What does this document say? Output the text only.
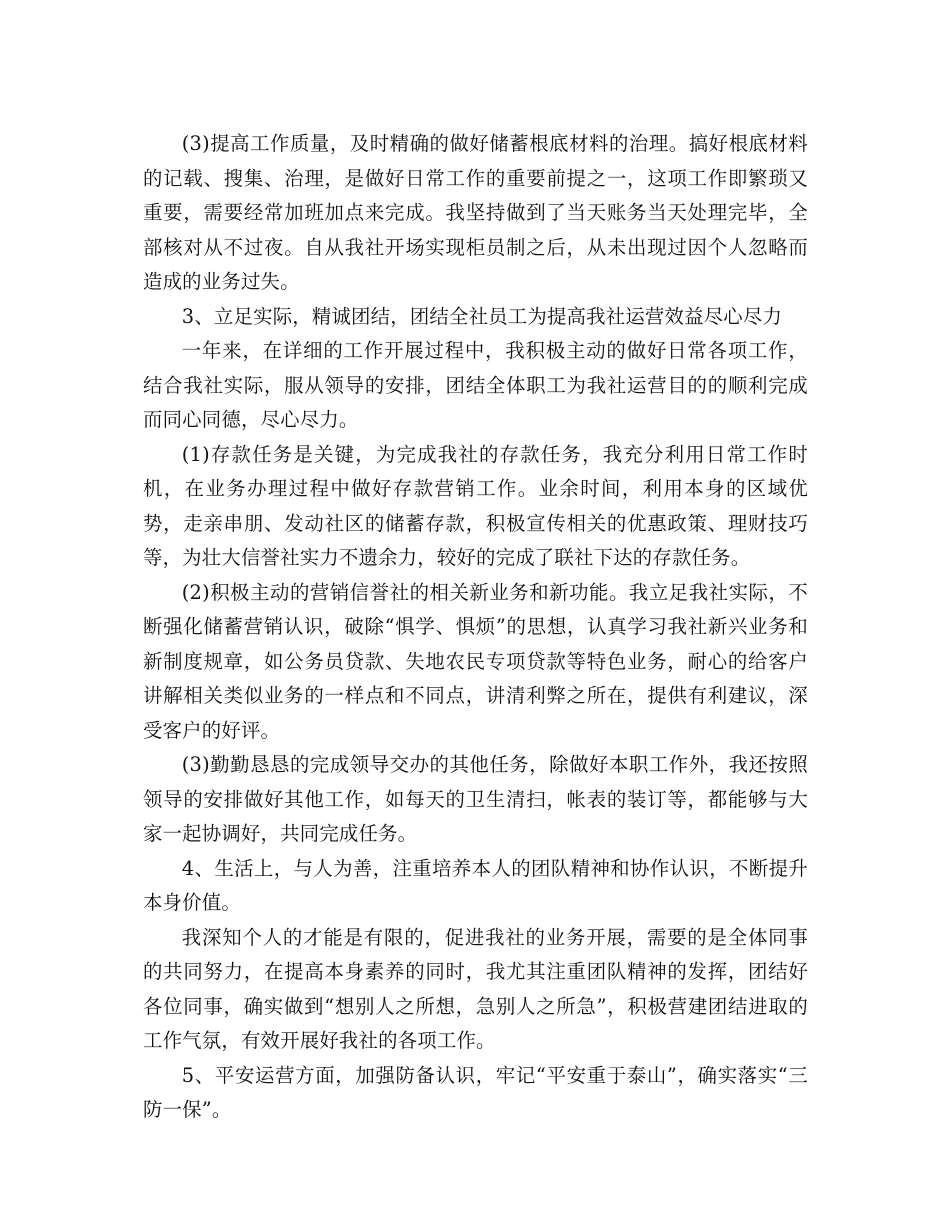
(3)提高工作质量，及时精确的做好储蓄根底材料的治理。搞好根底材料的记载、搜集、治理，是做好日常工作的重要前提之一，这项工作即繁琐又重要，需要经常加班加点来完成。我坚持做到了当天账务当天处理完毕，全部核对从不过夜。自从我社开场实现柜员制之后，从未出现过因个人忽略而造成的业务过失。

3、立足实际，精诚团结，团结全社员工为提高我社运营效益尽心尽力

一年来，在详细的工作开展过程中，我积极主动的做好日常各项工作，结合我社实际，服从领导的安排，团结全体职工为我社运营目的的顺利完成而同心同德，尽心尽力。

(1)存款任务是关键，为完成我社的存款任务，我充分利用日常工作时机，在业务办理过程中做好存款营销工作。业余时间，利用本身的区域优势，走亲串朋、发动社区的储蓄存款，积极宣传相关的优惠政策、理财技巧等，为壮大信誉社实力不遗余力，较好的完成了联社下达的存款任务。

(2)积极主动的营销信誉社的相关新业务和新功能。我立足我社实际，不断强化储蓄营销认识，破除“惧学、惧烦”的思想，认真学习我社新兴业务和新制度规章，如公务员贷款、失地农民专项贷款等特色业务，耐心的给客户讲解相关类似业务的一样点和不同点，讲清利弊之所在，提供有利建议，深受客户的好评。

(3)勤勤恳恳的完成领导交办的其他任务，除做好本职工作外，我还按照领导的安排做好其他工作，如每天的卫生清扫，帐表的装订等，都能够与大家一起协调好，共同完成任务。

4、生活上，与人为善，注重培养本人的团队精神和协作认识，不断提升本身价值。

我深知个人的才能是有限的，促进我社的业务开展，需要的是全体同事的共同努力，在提高本身素养的同时，我尤其注重团队精神的发挥，团结好各位同事，确实做到“想别人之所想，急别人之所急”，积极营建团结进取的工作气氛，有效开展好我社的各项工作。

5、平安运营方面，加强防备认识，牢记“平安重于泰山”，确实落实“三防一保”。
